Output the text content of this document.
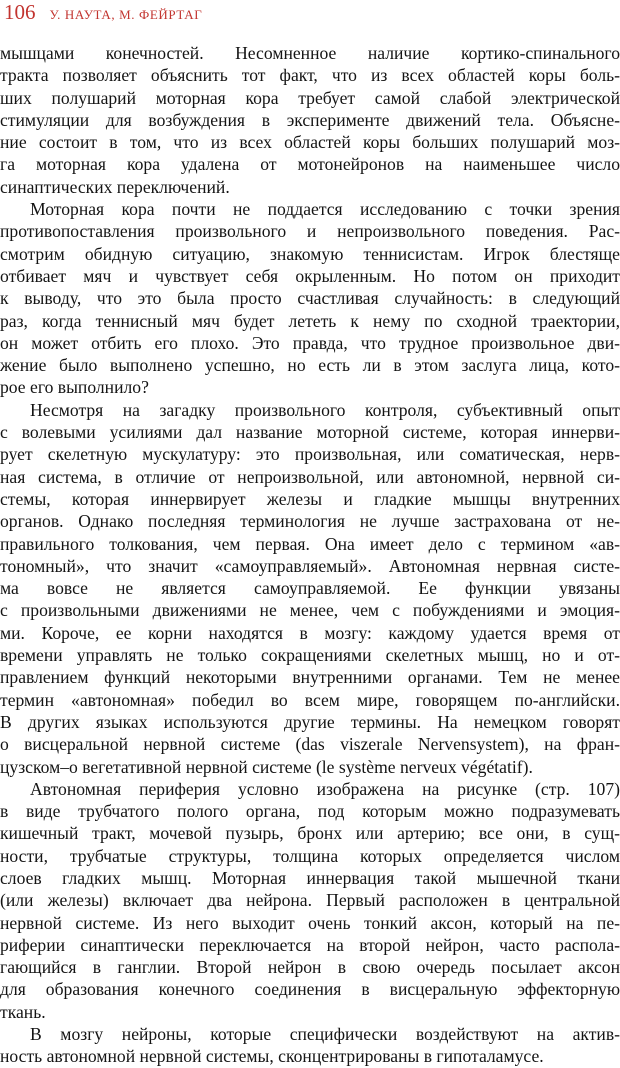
106 У. НАУТА, М. ФЕЙРТАГ
мышцами конечностей. Несомненное наличие кортико-спинального
тракта позволяет объяснить тот факт, что из всех областей коры боль-
ших полушарий моторная кора требует самой слабой электрической
стимуляции для возбуждения в эксперименте движений тела. Объясне-
ние состоит в том, что из всех областей коры больших полушарий моз-
га моторная кора удалена от мотонейронов на наименьшее число
синаптических переключений.
Моторная кора почти не поддается исследованию с точки зрения
противопоставления произвольного и непроизвольного поведения. Рас-
смотрим обидную ситуацию, знакомую теннисистам. Игрок блестяще
отбивает мяч и чувствует себя окрыленным. Но потом он приходит
к выводу, что это была просто счастливая случайность: в следующий
раз, когда теннисный мяч будет лететь к нему по сходной траектории,
он может отбить его плохо. Это правда, что трудное произвольное дви-
жение было выполнено успешно, но есть ли в этом заслуга лица, кото-
рое его выполнило?
Несмотря на загадку произвольного контроля, субъективный опыт
с волевыми усилиями дал название моторной системе, которая иннерви-
рует скелетную мускулатуру: это произвольная, или соматическая, нерв-
ная система, в отличие от непроизвольной, или автономной, нервной си-
стемы, которая иннервирует железы и гладкие мышцы внутренних
органов. Однако последняя терминология не лучше застрахована от не-
правильного толкования, чем первая. Она имеет дело с термином «ав-
тономный», что значит «самоуправляемый». Автономная нервная систе-
ма вовсе не является самоуправляемой. Ее функции увязаны
с произвольными движениями не менее, чем с побуждениями и эмоция-
ми. Короче, ее корни находятся в мозгу: каждому удается время от
времени управлять не только сокращениями скелетных мышц, но и от-
правлением функций некоторыми внутренними органами. Тем не менее
термин «автономная» победил во всем мире, говорящем по-английски.
В других языках используются другие термины. На немецком говорят
о висцеральной нервной системе (das viszerale Nervensystem), на фран-
цузском–о вегетативной нервной системе (le système nerveux végétatif).
Автономная периферия условно изображена на рисунке (стр. 107)
в виде трубчатого полого органа, под которым можно подразумевать
кишечный тракт, мочевой пузырь, бронх или артерию; все они, в сущ-
ности, трубчатые структуры, толщина которых определяется числом
слоев гладких мышц. Моторная иннервация такой мышечной ткани
(или железы) включает два нейрона. Первый расположен в центральной
нервной системе. Из него выходит очень тонкий аксон, который на пе-
риферии синаптически переключается на второй нейрон, часто распола-
гающийся в ганглии. Второй нейрон в свою очередь посылает аксон
для образования конечного соединения в висцеральную эффекторную
ткань.
В мозгу нейроны, которые специфически воздействуют на актив-
ность автономной нервной системы, сконцентрированы в гипоталамусе.
